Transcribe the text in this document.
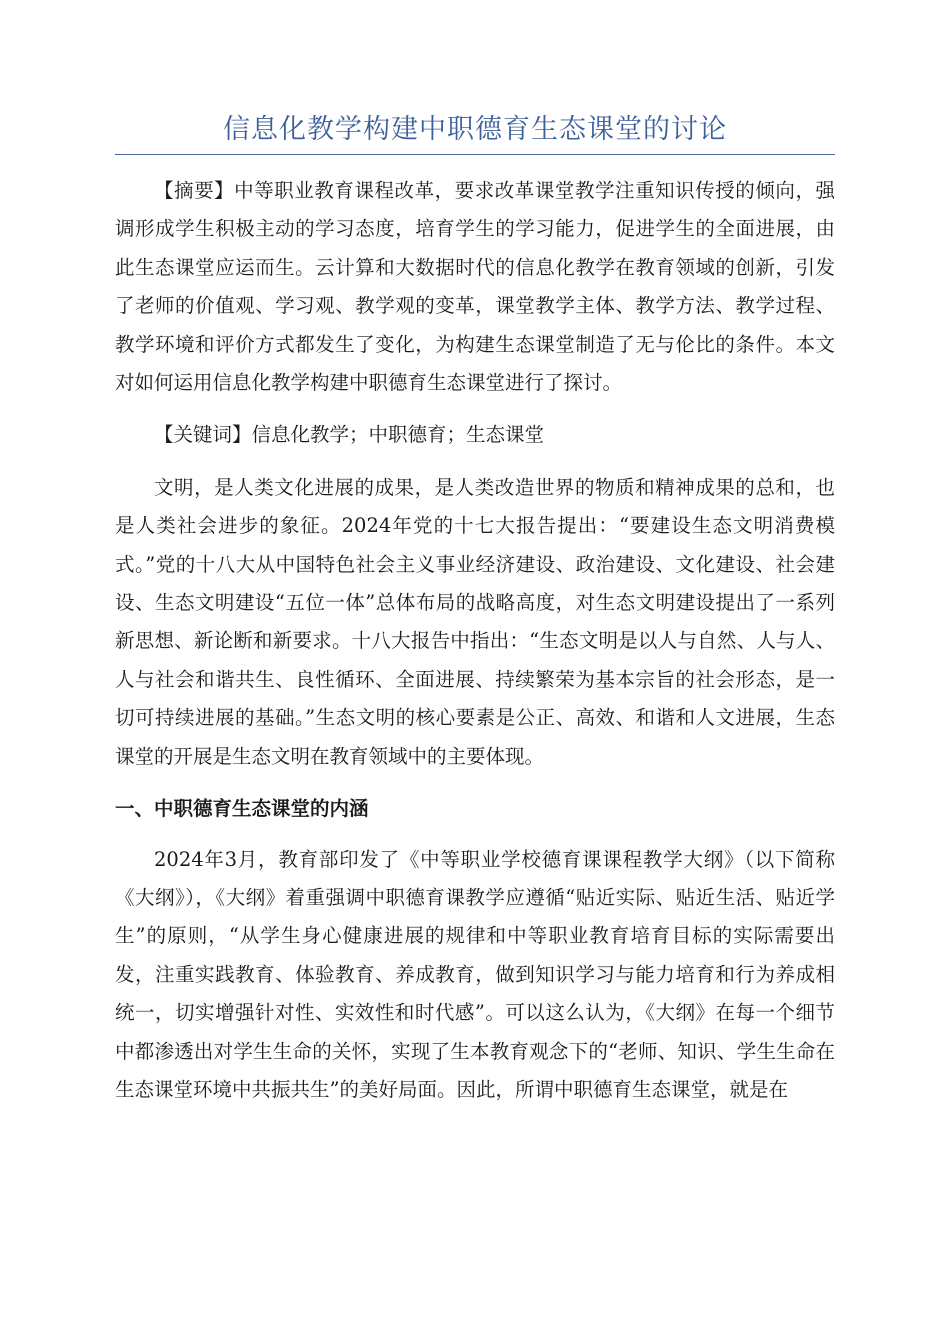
信息化教学构建中职德育生态课堂的讨论

【摘要】中等职业教育课程改革，要求改革课堂教学注重知识传授的倾向，强调形成学生积极主动的学习态度，培育学生的学习能力，促进学生的全面进展，由此生态课堂应运而生。云计算和大数据时代的信息化教学在教育领域的创新，引发了老师的价值观、学习观、教学观的变革，课堂教学主体、教学方法、教学过程、教学环境和评价方式都发生了变化，为构建生态课堂制造了无与伦比的条件。本文对如何运用信息化教学构建中职德育生态课堂进行了探讨。

【关键词】信息化教学；中职德育；生态课堂

文明，是人类文化进展的成果，是人类改造世界的物质和精神成果的总和，也是人类社会进步的象征。2024年党的十七大报告提出：“要建设生态文明消费模式。”党的十八大从中国特色社会主义事业经济建设、政治建设、文化建设、社会建设、生态文明建设“五位一体”总体布局的战略高度，对生态文明建设提出了一系列新思想、新论断和新要求。十八大报告中指出：“生态文明是以人与自然、人与人、人与社会和谐共生、良性循环、全面进展、持续繁荣为基本宗旨的社会形态，是一切可持续进展的基础。”生态文明的核心要素是公正、高效、和谐和人文进展，生态课堂的开展是生态文明在教育领域中的主要体现。

一、中职德育生态课堂的内涵

2024年3月，教育部印发了《中等职业学校德育课课程教学大纲》（以下简称《大纲》），《大纲》着重强调中职德育课教学应遵循“贴近实际、贴近生活、贴近学生”的原则，“从学生身心健康进展的规律和中等职业教育培育目标的实际需要出发，注重实践教育、体验教育、养成教育，做到知识学习与能力培育和行为养成相统一，切实增强针对性、实效性和时代感”。可以这么认为，《大纲》在每一个细节中都渗透出对学生生命的关怀，实现了生本教育观念下的“老师、知识、学生生命在生态课堂环境中共振共生”的美好局面。因此，所谓中职德育生态课堂，就是在
